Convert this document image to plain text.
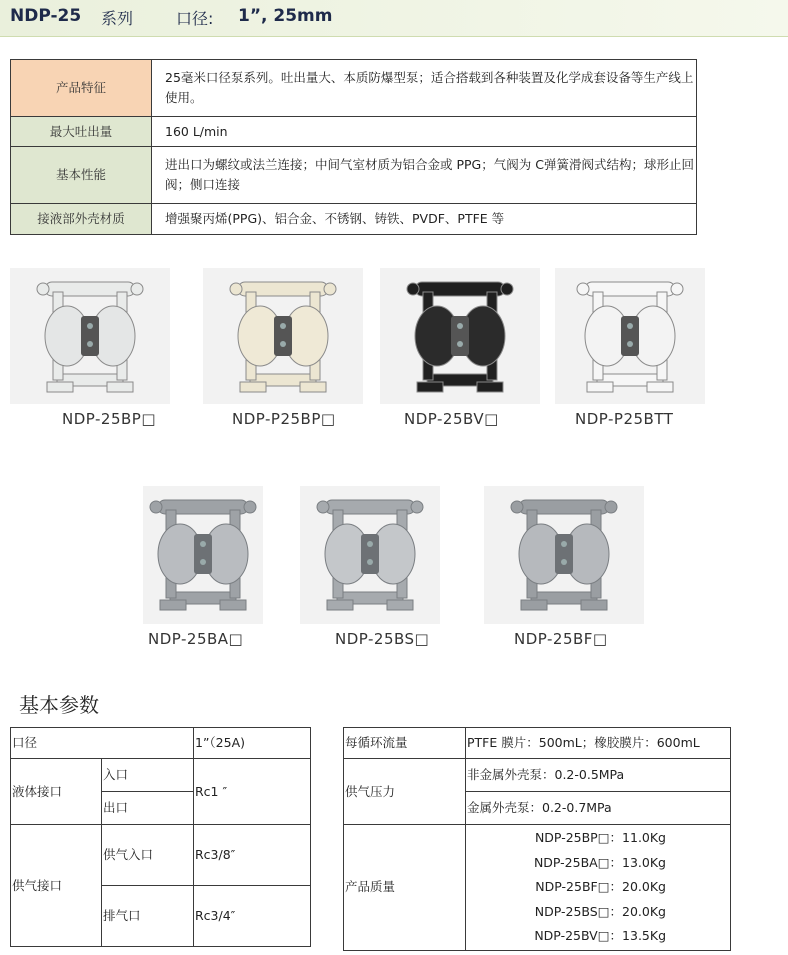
NDP-25 系列	口径: 1”, 25mm
产品特征	25毫米口径泵系列。吐出量大、本质防爆型泵；适合搭载到各种装置及化学成套设备等生产线上使用。
最大吐出量	160 L/min
基本性能	进出口为螺纹或法兰连接；中间气室材质为铝合金或 PPG；气阀为 C弹簧滑阀式结构；球形止回阀；侧口连接
接液部外壳材质	增强聚丙烯(PPG)、铝合金、不锈钢、铸铁、PVDF、PTFE 等
NDP-25BP□	NDP-P25BP□	NDP-25BV□	NDP-P25BTT
NDP-25BA□	NDP-25BS□	NDP-25BF□
基本参数
口径		1”（25A)
液体接口	入口	Rc1 ″
	出口	
供气接口	供气入口	Rc3/8″
	排气口	Rc3/4″
每循环流量	PTFE 膜片：500mL；橡胶膜片：600mL
供气压力	非金属外壳泵：0.2-0.5MPa
	金属外壳泵：0.2-0.7MPa
产品质量	NDP-25BP□：11.0Kg
NDP-25BA□：13.0Kg
NDP-25BF□：20.0Kg
NDP-25BS□：20.0Kg
NDP-25BV□：13.5Kg
